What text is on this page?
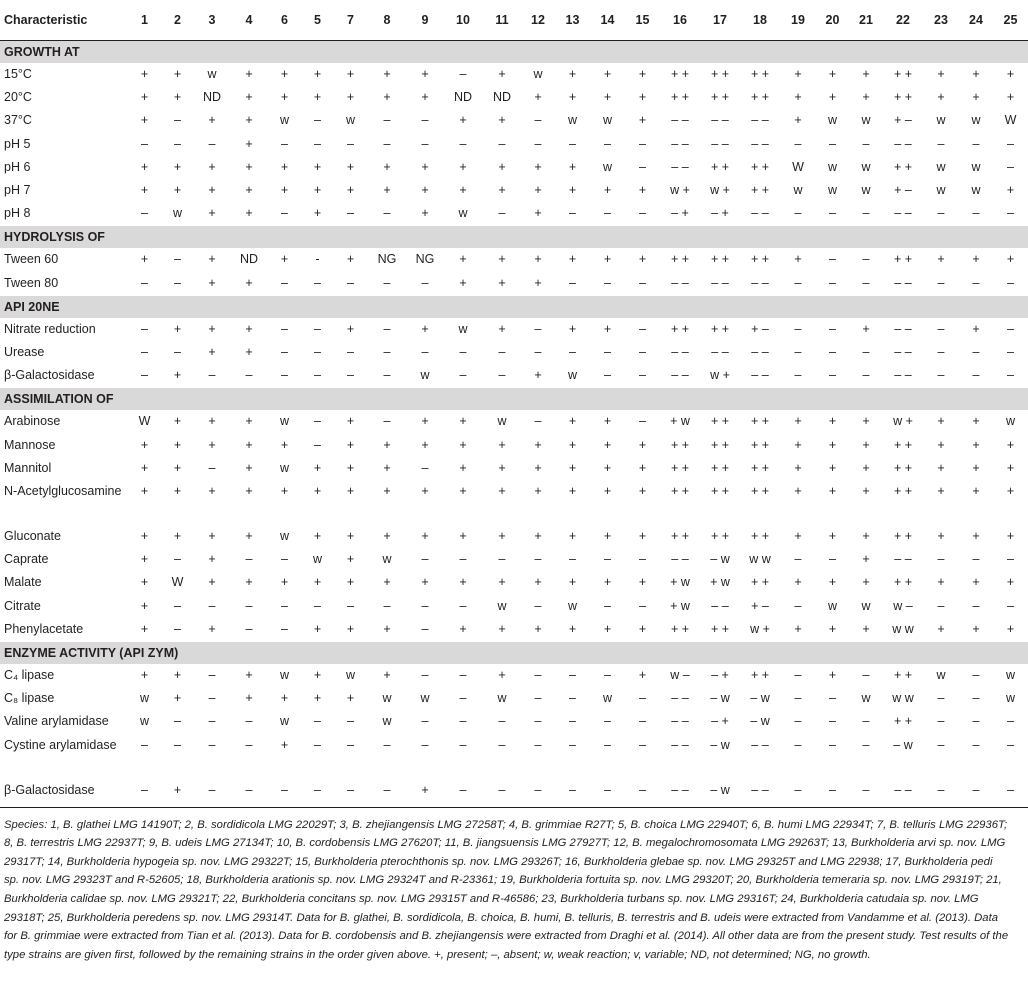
Characteristic	1	2	3	4	6	5	7	8	9	10	11	12	13	14	15	16	17	18	19	20	21	22	23	24	25
GROWTH AT																									
15°C	+	+	w	+	+	+	+	+	+	–	+	w	+	+	+	+ +	+ +	+ +	+	+	+	+ +	+	+	+
20°C	+	+	ND	+	+	+	+	+	+	ND	ND	+	+	+	+	+ +	+ +	+ +	+	+	+	+ +	+	+	+
37°C	+	–	+	+	w	–	w	–	–	+	+	–	w	w	+	– –	– –	– –	+	w	w	+ –	w	w	W
pH 5	–	–	–	+	–	–	–	–	–	–	–	–	–	–	–	– –	– –	– –	–	–	–	– –	–	–	–
pH 6	+	+	+	+	+	+	+	+	+	+	+	+	+	w	–	– –	+ +	+ +	W	w	w	+ +	w	w	–
pH 7	+	+	+	+	+	+	+	+	+	+	+	+	+	+	+	w +	w +	+ +	w	w	w	+ –	w	w	+
pH 8	–	w	+	+	–	+	–	–	+	w	–	+	–	–	–	– +	– +	– –	–	–	–	– –	–	–	–
HYDROLYSIS OF																									
Tween 60	+	–	+	ND	+	-	+	NG	NG	+	+	+	+	+	+	+ +	+ +	+ +	+	–	–	+ +	+	+	+
Tween 80	–	–	+	+	–	–	–	–	–	+	+	+	–	–	–	– –	– –	– –	–	–	–	– –	–	–	–
API 20NE																									
Nitrate reduction	–	+	+	+	–	–	+	–	+	w	+	–	+	+	–	+ +	+ +	+ –	–	–	+	– –	–	+	–
Urease	–	–	+	+	–	–	–	–	–	–	–	–	–	–	–	– –	– –	– –	–	–	–	– –	–	–	–
β-Galactosidase	–	+	–	–	–	–	–	–	w	–	–	+	w	–	–	– –	w +	– –	–	–	–	– –	–	–	–
ASSIMILATION OF																									
Arabinose	W	+	+	+	w	–	+	–	+	+	w	–	+	+	–	+ w	+ +	+ +	+	+	+	w +	+	+	w
Mannose	+	+	+	+	+	–	+	+	+	+	+	+	+	+	+	+ +	+ +	+ +	+	+	+	+ +	+	+	+
Mannitol	+	+	–	+	w	+	+	+	–	+	+	+	+	+	+	+ +	+ +	+ +	+	+	+	+ +	+	+	+
N-Acetylglucosamine	+	+	+	+	+	+	+	+	+	+	+	+	+	+	+	+ +	+ +	+ +	+	+	+	+ +	+	+	+
Gluconate	+	+	+	+	w	+	+	+	+	+	+	+	+	+	+	+ +	+ +	+ +	+	+	+	+ +	+	+	+
Caprate	+	–	+	–	–	w	+	w	–	–	–	–	–	–	–	– –	– w	w w	–	–	+	– –	–	–	–
Malate	+	W	+	+	+	+	+	+	+	+	+	+	+	+	+	+ w	+ w	+ +	+	+	+	+ +	+	+	+
Citrate	+	–	–	–	–	–	–	–	–	–	w	–	w	–	–	+ w	– –	+ –	–	w	w	w –	–	–	–
Phenylacetate	+	–	+	–	–	+	+	+	–	+	+	+	+	+	+	+ +	+ +	w +	+	+	+	w w	+	+	+
ENZYME ACTIVITY (API ZYM)																									
C₄ lipase	+	+	–	+	w	+	w	+	–	–	+	–	–	–	+	w –	– +	+ +	–	+	–	+ +	w	–	w
C₈ lipase	w	+	–	+	+	+	+	w	w	–	w	–	–	w	–	– –	– w	– w	–	–	w	w w	–	–	w
Valine arylamidase	w	–	–	–	w	–	–	w	–	–	–	–	–	–	–	– –	– +	– w	–	–	–	+ +	–	–	–
Cystine arylamidase	–	–	–	–	+	–	–	–	–	–	–	–	–	–	–	– –	– w	– –	–	–	–	– w	–	–	–
β-Galactosidase	–	+	–	–	–	–	–	–	+	–	–	–	–	–	–	– –	– w	– –	–	–	–	– –	–	–	–
Species: 1, B. glathei LMG 14190T; 2, B. sordidicola LMG 22029T; 3, B. zhejiangensis LMG 27258T; 4, B. grimmiae R27T; 5, B. choica LMG 22940T; 6, B. humi LMG 22934T; 7, B. telluris LMG 22936T; 8, B. terrestris LMG 22937T; 9, B. udeis LMG 27134T; 10, B. cordobensis LMG 27620T; 11, B. jiangsuensis LMG 27927T; 12, B. megalochromosomata LMG 29263T; 13, Burkholderia arvi sp. nov. LMG 29317T; 14, Burkholderia hypogeia sp. nov. LMG 29322T; 15, Burkholderia pterochthonis sp. nov. LMG 29326T; 16, Burkholderia glebae sp. nov. LMG 29325T and LMG 22938; 17, Burkholderia pedi sp. nov. LMG 29323T and R-52605; 18, Burkholderia arationis sp. nov. LMG 29324T and R-23361; 19, Burkholderia fortuita sp. nov. LMG 29320T; 20, Burkholderia temeraria sp. nov. LMG 29319T; 21, Burkholderia calidae sp. nov. LMG 29321T; 22, Burkholderia concitans sp. nov. LMG 29315T and R-46586; 23, Burkholderia turbans sp. nov. LMG 29316T; 24, Burkholderia catudaia sp. nov. LMG 29318T; 25, Burkholderia peredens sp. nov. LMG 29314T. Data for B. glathei, B. sordidicola, B. choica, B. humi, B. telluris, B. terrestris and B. udeis were extracted from Vandamme et al. (2013). Data for B. grimmiae were extracted from Tian et al. (2013). Data for B. cordobensis and B. zhejiangensis were extracted from Draghi et al. (2014). All other data are from the present study. Test results of the type strains are given first, followed by the remaining strains in the order given above. +, present; –, absent; w, weak reaction; v, variable; ND, not determined; NG, no growth.
